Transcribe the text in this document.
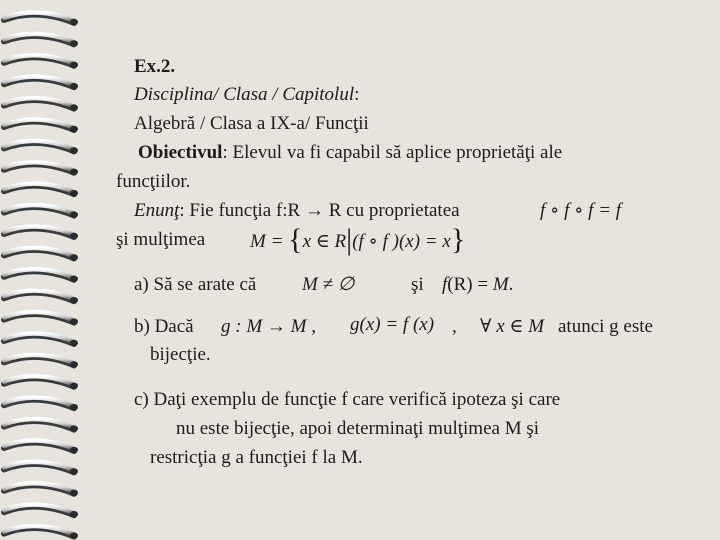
Ex.2.
Disciplina/ Clasa / Capitolul:
Algebră / Clasa a IX-a/ Funcţii
Obiectivul: Elevul va fi capabil să aplice proprietăţi ale
funcţiilor.
Enunţ: Fie funcţia f:R → R cu proprietatea	f ∘ f ∘ f = f
şi mulţimea M = {x ∈ R|(f ∘ f )(x) = x}
a) Să se arate că M ≠ ∅	şi f(R) = M.
b) Dacă g : M → M , g(x) = f (x) , ∀ x ∈ M atunci g este
bijecţie.
c) Daţi exemplu de funcţie f care verifică ipoteza şi care
nu este bijecţie, apoi determinaţi mulţimea M şi
restricţia g a funcţiei f la M.
